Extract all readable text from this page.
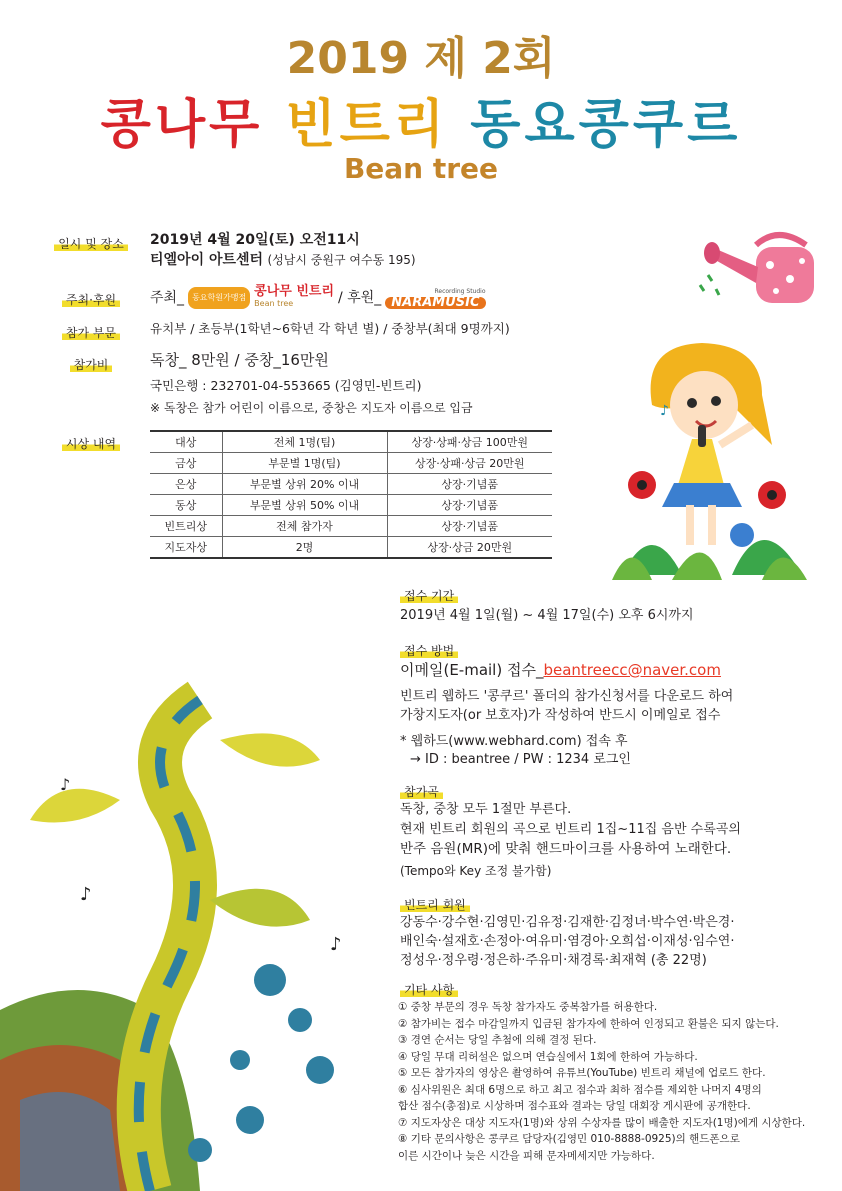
2019 제 2회
콩나무 빈트리 동요콩쿠르
Bean tree
일시 및 장소	2019년 4월 20일(토) 오전11시
티엘아이 아트센터 (성남시 중원구 여수동 195)
주최·후원	주최_	동요학원가맹점 콩나무 빈트리
Bean tree	/ 후원_	Recording Studio
NARAMUSIC
참가 부문	유치부 / 초등부(1학년~6학년 각 학년 별) / 중창부(최대 9명까지)
참가비	독창_ 8만원 / 중창_16만원
국민은행 : 232701-04-553665 (김영민-빈트리)
※ 독창은 참가 어린이 이름으로, 중창은 지도자 이름으로 입금
시상 내역	대상	전체 1명(팀)	상장·상패·상금 100만원
금상	부문별 1명(팀)	상장·상패·상금 20만원
은상	부문별 상위 20% 이내	상장·기념품
동상	부문별 상위 50% 이내	상장·기념품
빈트리상	전체 참가자	상장·기념품
지도자상	2명	상장·상금 20만원
♪
♪
♪
♪
접수 기간
2019년 4월 1일(월) ~ 4월 17일(수) 오후 6시까지
접수 방법
이메일(E-mail) 접수_beantreecc@naver.com
빈트리 웹하드 '콩쿠르' 폴더의 참가신청서를 다운로드 하여
가창지도자(or 보호자)가 작성하여 반드시 이메일로 접수
* 웹하드(www.webhard.com) 접속 후
→ ID : beantree / PW : 1234 로그인
참가곡
독창, 중창 모두 1절만 부른다.
현재 빈트리 회원의 곡으로 빈트리 1집~11집 음반 수록곡의
반주 음원(MR)에 맞춰 핸드마이크를 사용하여 노래한다.
(Tempo와 Key 조정 불가함)
빈트리 회원
강동수·강수현·김영민·김유정·김재한·김정녀·박수연·박은경·
배인숙·설재호·손정아·여유미·염경아·오희섭·이재성·임수연·
정성우·정우령·정은하·주유미·채경록·최재혁 (총 22명)
기타 사항
① 중창 부문의 경우 독창 참가자도 중복참가를 허용한다.
② 참가비는 접수 마감일까지 입금된 참가자에 한하여 인정되고 환불은 되지 않는다.
③ 경연 순서는 당일 추첨에 의해 결정 된다.
④ 당일 무대 리허설은 없으며 연습실에서 1회에 한하여 가능하다.
⑤ 모든 참가자의 영상은 촬영하여 유튜브(YouTube) 빈트리 채널에 업로드 한다.
⑥ 심사위원은 최대 6명으로 하고 최고 점수과 최하 점수를 제외한 나머지 4명의
합산 점수(총점)로 시상하며 점수표와 결과는 당일 대회장 게시판에 공개한다.
⑦ 지도자상은 대상 지도자(1명)와 상위 수상자를 많이 배출한 지도자(1명)에게 시상한다.
⑧ 기타 문의사항은 콩쿠르 담당자(김영민 010-8888-0925)의 핸드폰으로
이른 시간이나 늦은 시간을 피해 문자메세지만 가능하다.
